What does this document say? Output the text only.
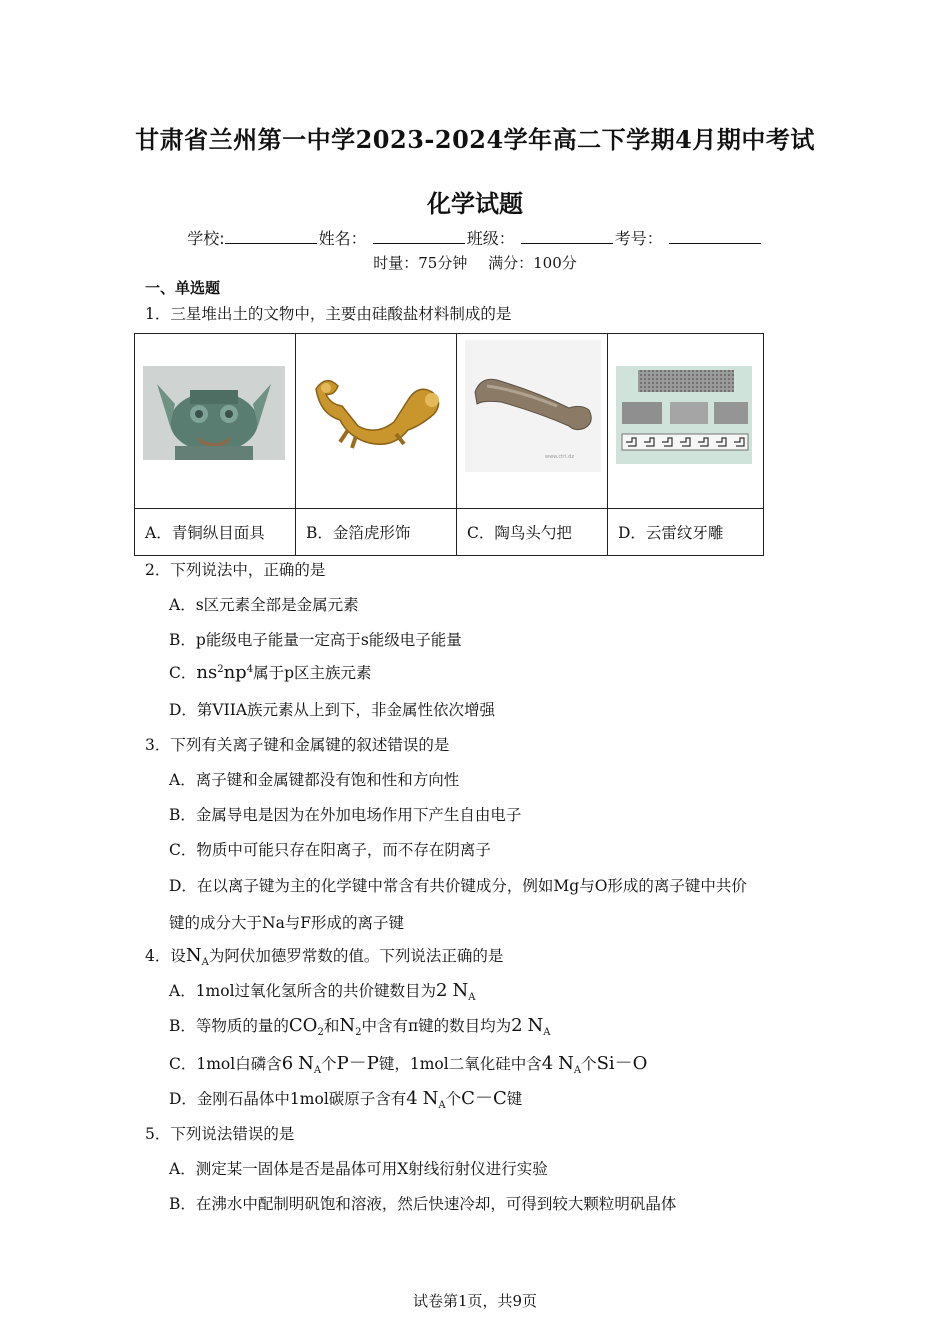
甘肃省兰州第一中学2023-2024学年高二下学期4月期中考试
化学试题
学校:	姓名：	班级：	考号：
时量：75分钟 满分：100分
一、单选题
1．三星堆出土的文物中，主要由硅酸盐材料制成的是

www.ctrl.dz

A．青铜纵目面具	B．金箔虎形饰	C．陶鸟头勺把	D．云雷纹牙雕
2．下列说法中，正确的是
A．s区元素全部是金属元素
B．p能级电子能量一定高于s能级电子能量
C．$ns^2np^4$属于p区主族元素
D．第VIIA族元素从上到下，非金属性依次增强
3．下列有关离子键和金属键的叙述错误的是
A．离子键和金属键都没有饱和性和方向性
B．金属导电是因为在外加电场作用下产生自由电子
C．物质中可能只存在阳离子，而不存在阴离子
D．在以离子键为主的化学键中常含有共价键成分，例如Mg与O形成的离子键中共价
键的成分大于Na与F形成的离子键
4．设$N_A$为阿伏加德罗常数的值。下列说法正确的是
A．1mol过氧化氢所含的共价键数目为2 $N_A$
B．等物质的量的$CO_2$和$N_2$中含有π键的数目均为2 $N_A$
C．1mol白磷含6 $N_A$个P－P键，1mol二氧化硅中含4 $N_A$个Si－O
D．金刚石晶体中1mol碳原子含有4 $N_A$个C－C键
5．下列说法错误的是
A．测定某一固体是否是晶体可用X射线衍射仪进行实验
B．在沸水中配制明矾饱和溶液，然后快速冷却，可得到较大颗粒明矾晶体
试卷第1页，共9页
